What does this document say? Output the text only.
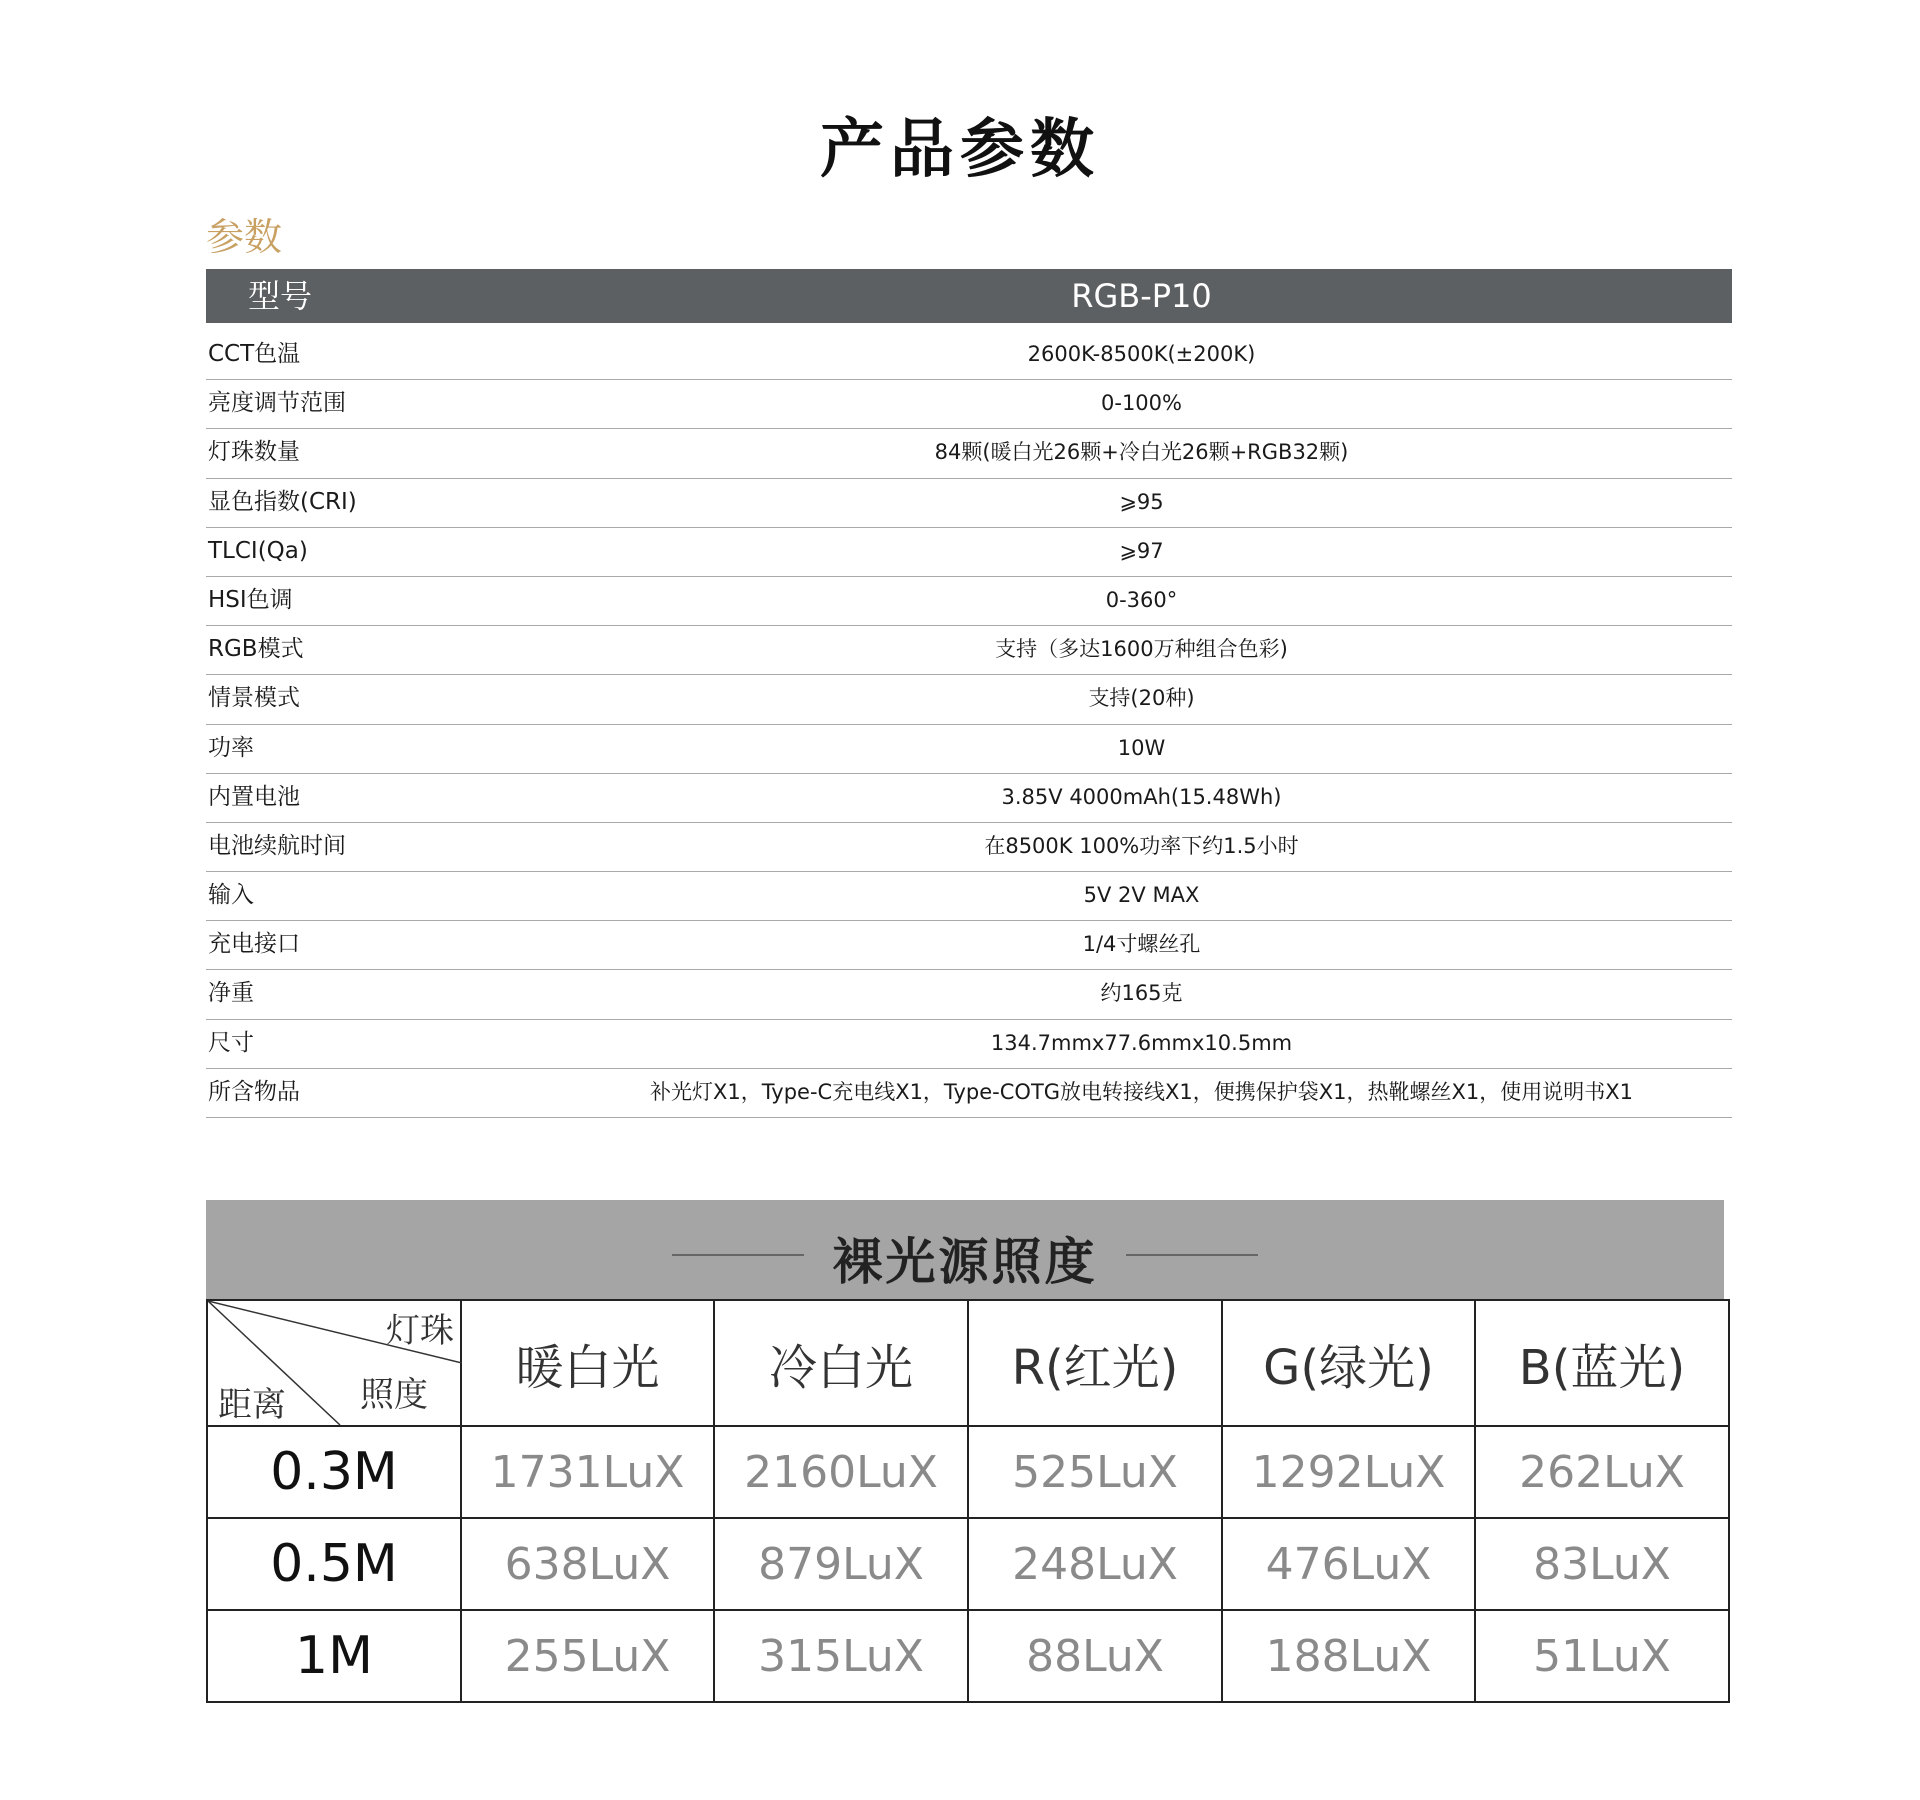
产品参数
参数
型号	RGB-P10
CCT色温	2600K-8500K(±200K)
亮度调节范围	0-100%
灯珠数量	84颗(暖白光26颗+冷白光26颗+RGB32颗)
显色指数(CRI)	⩾95
TLCI(Qa)	⩾97
HSI色调	0-360°
RGB模式	支持（多达1600万种组合色彩)
情景模式	支持(20种)
功率	10W
内置电池	3.85V 4000mAh(15.48Wh)
电池续航时间	在8500K 100%功率下约1.5小时
输入	5V 2V MAX
充电接口	1/4寸螺丝孔
净重	约165克
尺寸	134.7mmx77.6mmx10.5mm
所含物品	补光灯X1，Type-C充电线X1，Type-COTG放电转接线X1，便携保护袋X1，热靴螺丝X1，使用说明书X1
裸光源照度
灯珠
照度
距离	暖白光	冷白光	R(红光)	G(绿光)	B(蓝光)
0.3M	1731LuX	2160LuX	525LuX	1292LuX	262LuX
0.5M	638LuX	879LuX	248LuX	476LuX	83LuX
1M	255LuX	315LuX	88LuX	188LuX	51LuX
